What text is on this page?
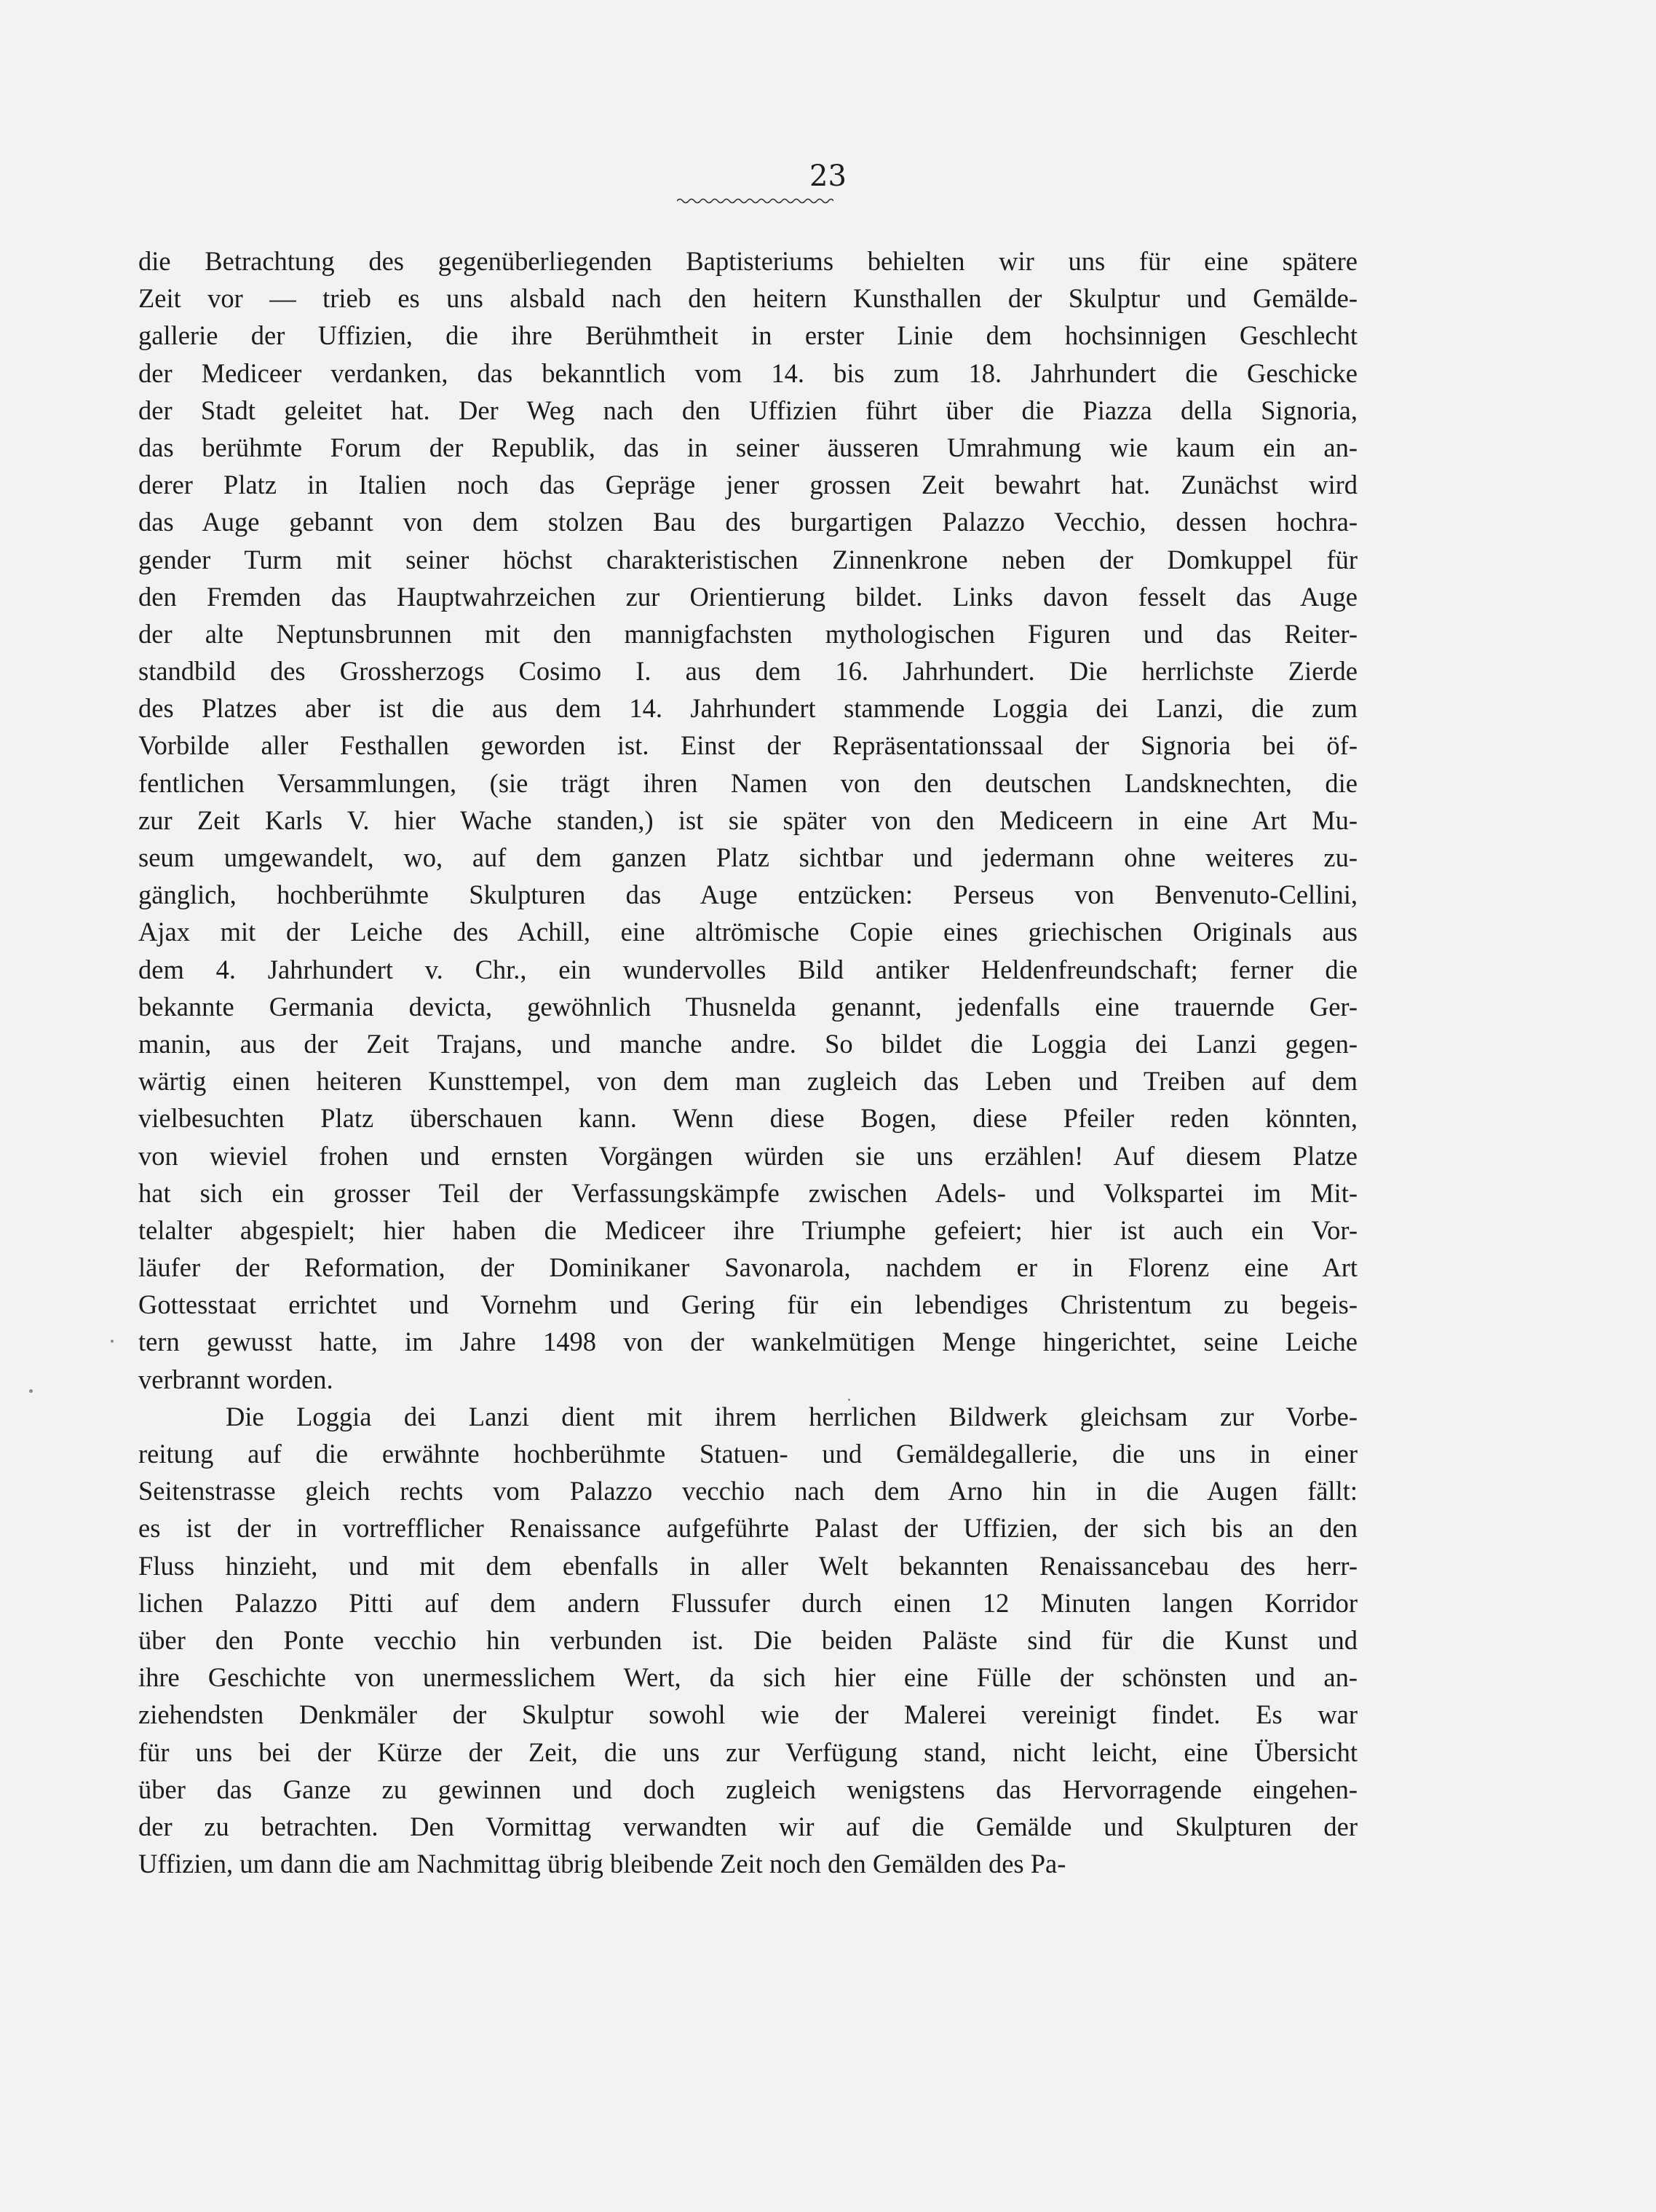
23

die Betrachtung des gegenüberliegenden Baptisteriums behielten wir uns für eine spätere
Zeit vor — trieb es uns alsbald nach den heitern Kunsthallen der Skulptur und Gemälde-
gallerie der Uffizien, die ihre Berühmtheit in erster Linie dem hochsinnigen Geschlecht
der Mediceer verdanken, das bekanntlich vom 14. bis zum 18. Jahrhundert die Geschicke
der Stadt geleitet hat. Der Weg nach den Uffizien führt über die Piazza della Signoria,
das berühmte Forum der Republik, das in seiner äusseren Umrahmung wie kaum ein an-
derer Platz in Italien noch das Gepräge jener grossen Zeit bewahrt hat. Zunächst wird
das Auge gebannt von dem stolzen Bau des burgartigen Palazzo Vecchio, dessen hochra-
gender Turm mit seiner höchst charakteristischen Zinnenkrone neben der Domkuppel für
den Fremden das Hauptwahrzeichen zur Orientierung bildet. Links davon fesselt das Auge
der alte Neptunsbrunnen mit den mannigfachsten mythologischen Figuren und das Reiter-
standbild des Grossherzogs Cosimo I. aus dem 16. Jahrhundert. Die herrlichste Zierde
des Platzes aber ist die aus dem 14. Jahrhundert stammende Loggia dei Lanzi, die zum
Vorbilde aller Festhallen geworden ist. Einst der Repräsentationssaal der Signoria bei öf-
fentlichen Versammlungen, (sie trägt ihren Namen von den deutschen Landsknechten, die
zur Zeit Karls V. hier Wache standen,) ist sie später von den Mediceern in eine Art Mu-
seum umgewandelt, wo, auf dem ganzen Platz sichtbar und jedermann ohne weiteres zu-
gänglich, hochberühmte Skulpturen das Auge entzücken: Perseus von Benvenuto-Cellini,
Ajax mit der Leiche des Achill, eine altrömische Copie eines griechischen Originals aus
dem 4. Jahrhundert v. Chr., ein wundervolles Bild antiker Heldenfreundschaft; ferner die
bekannte Germania devicta, gewöhnlich Thusnelda genannt, jedenfalls eine trauernde Ger-
manin, aus der Zeit Trajans, und manche andre. So bildet die Loggia dei Lanzi gegen-
wärtig einen heiteren Kunsttempel, von dem man zugleich das Leben und Treiben auf dem
vielbesuchten Platz überschauen kann. Wenn diese Bogen, diese Pfeiler reden könnten,
von wieviel frohen und ernsten Vorgängen würden sie uns erzählen! Auf diesem Platze
hat sich ein grosser Teil der Verfassungskämpfe zwischen Adels- und Volkspartei im Mit-
telalter abgespielt; hier haben die Mediceer ihre Triumphe gefeiert; hier ist auch ein Vor-
läufer der Reformation, der Dominikaner Savonarola, nachdem er in Florenz eine Art
Gottesstaat errichtet und Vornehm und Gering für ein lebendiges Christentum zu begeis-
tern gewusst hatte, im Jahre 1498 von der wankelmütigen Menge hingerichtet, seine Leiche
verbrannt worden.
Die Loggia dei Lanzi dient mit ihrem herrlichen Bildwerk gleichsam zur Vorbe-
reitung auf die erwähnte hochberühmte Statuen- und Gemäldegallerie, die uns in einer
Seitenstrasse gleich rechts vom Palazzo vecchio nach dem Arno hin in die Augen fällt:
es ist der in vortrefflicher Renaissance aufgeführte Palast der Uffizien, der sich bis an den
Fluss hinzieht, und mit dem ebenfalls in aller Welt bekannten Renaissancebau des herr-
lichen Palazzo Pitti auf dem andern Flussufer durch einen 12 Minuten langen Korridor
über den Ponte vecchio hin verbunden ist. Die beiden Paläste sind für die Kunst und
ihre Geschichte von unermesslichem Wert, da sich hier eine Fülle der schönsten und an-
ziehendsten Denkmäler der Skulptur sowohl wie der Malerei vereinigt findet. Es war
für uns bei der Kürze der Zeit, die uns zur Verfügung stand, nicht leicht, eine Übersicht
über das Ganze zu gewinnen und doch zugleich wenigstens das Hervorragende eingehen-
der zu betrachten. Den Vormittag verwandten wir auf die Gemälde und Skulpturen der
Uffizien, um dann die am Nachmittag übrig bleibende Zeit noch den Gemälden des Pa-
